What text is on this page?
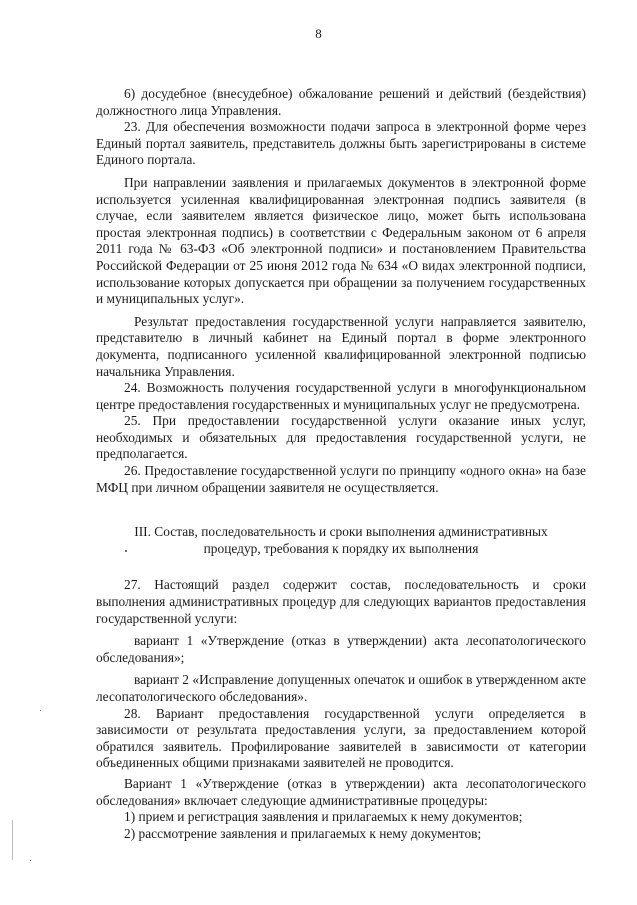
8

6) досудебное (внесудебное) обжалование решений и действий (бездействия) должностного лица Управления.

23. Для обеспечения возможности подачи запроса в электронной форме через Единый портал заявитель, представитель должны быть зарегистрированы в системе Единого портала.

При направлении заявления и прилагаемых документов в электронной форме используется усиленная квалифицированная электронная подпись заявителя (в случае, если заявителем является физическое лицо, может быть использована простая электронная подпись) в соответствии с Федеральным законом от 6 апреля 2011 года № 63-ФЗ «Об электронной подписи» и постановлением Правительства Российской Федерации от 25 июня 2012 года № 634 «О видах электронной подписи, использование которых допускается при обращении за получением государственных и муниципальных услуг».

Результат предоставления государственной услуги направляется заявителю, представителю в личный кабинет на Единый портал в форме электронного документа, подписанного усиленной квалифицированной электронной подписью начальника Управления.

24. Возможность получения государственной услуги в многофункциональном центре предоставления государственных и муниципальных услуг не предусмотрена.

25. При предоставлении государственной услуги оказание иных услуг, необходимых и обязательных для предоставления государственной услуги, не предполагается.

26. Предоставление государственной услуги по принципу «одного окна» на базе МФЦ при личном обращении заявителя не осуществляется.

III. Состав, последовательность и сроки выполнения административных
процедур, требования к порядку их выполнения

27. Настоящий раздел содержит состав, последовательность и сроки выполнения административных процедур для следующих вариантов предоставления государственной услуги:

вариант 1 «Утверждение (отказ в утверждении) акта лесопатологического обследования»;

вариант 2 «Исправление допущенных опечаток и ошибок в утвержденном акте лесопатологического обследования».

28. Вариант предоставления государственной услуги определяется в зависимости от результата предоставления услуги, за предоставлением которой обратился заявитель. Профилирование заявителей в зависимости от категории объединенных общими признаками заявителей не проводится.

Вариант 1 «Утверждение (отказ в утверждении) акта лесопатологического обследования» включает следующие административные процедуры:

1) прием и регистрация заявления и прилагаемых к нему документов;

2) рассмотрение заявления и прилагаемых к нему документов;
